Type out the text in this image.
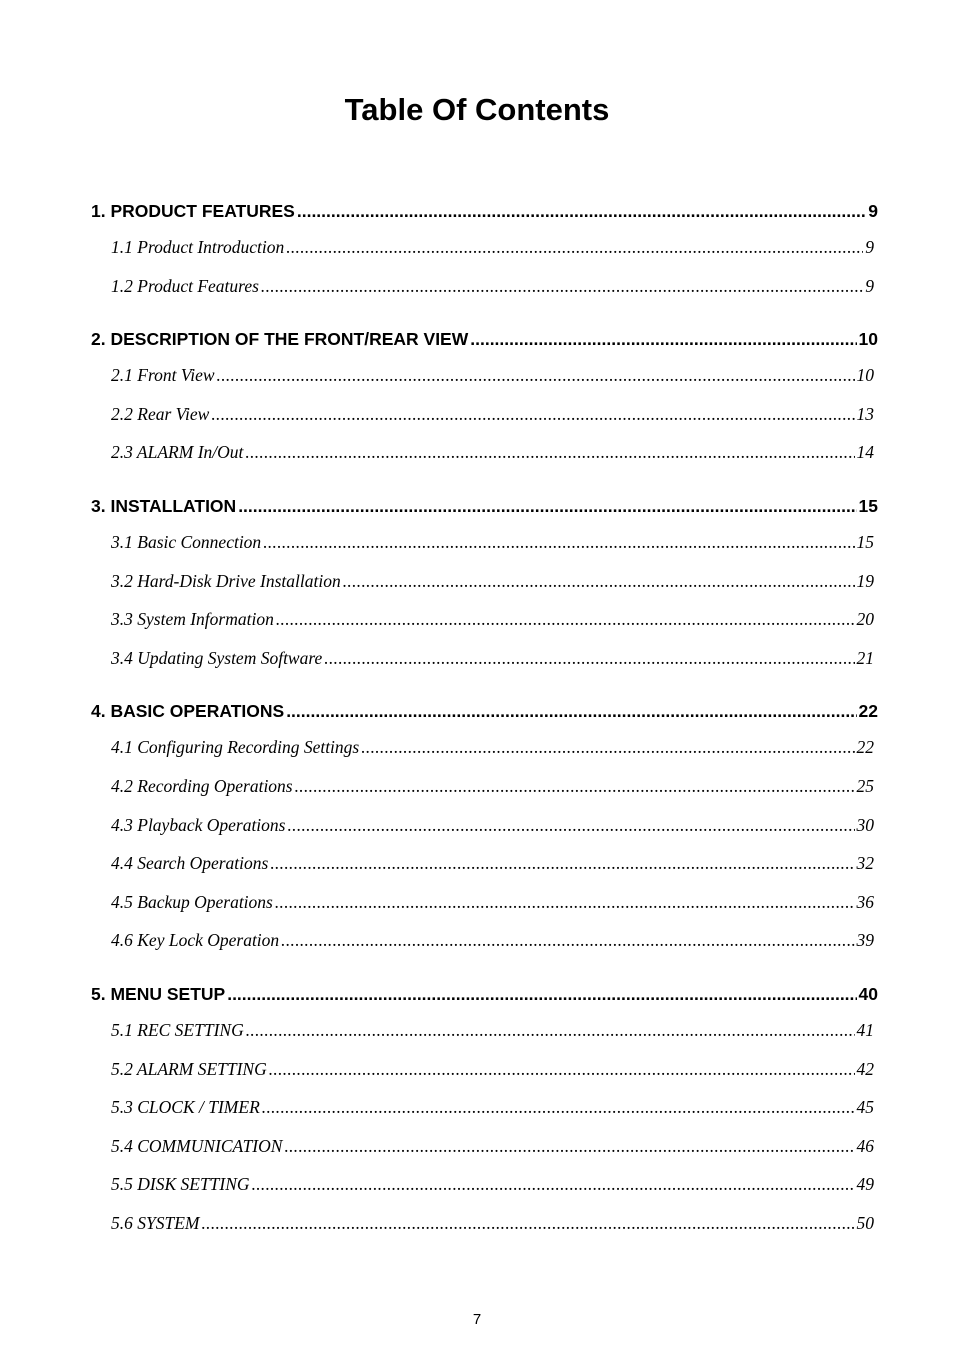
Table Of Contents
1. PRODUCT FEATURES .....	9
1.1 Product Introduction .....	9
1.2 Product Features .....	9
2. DESCRIPTION OF THE FRONT/REAR VIEW .....	10
2.1 Front View .....	10
2.2 Rear View .....	13
2.3 ALARM In/Out .....	14
3. INSTALLATION .....	15
3.1 Basic Connection .....	15
3.2 Hard-Disk Drive Installation .....	19
3.3 System Information .....	20
3.4 Updating System Software .....	21
4. BASIC OPERATIONS .....	22
4.1 Configuring Recording Settings .....	22
4.2 Recording Operations .....	25
4.3 Playback Operations .....	30
4.4 Search Operations .....	32
4.5 Backup Operations .....	36
4.6 Key Lock Operation .....	39
5. MENU SETUP .....	40
5.1 REC SETTING .....	41
5.2 ALARM SETTING .....	42
5.3 CLOCK / TIMER .....	45
5.4 COMMUNICATION .....	46
5.5 DISK SETTING .....	49
5.6 SYSTEM .....	50
7
